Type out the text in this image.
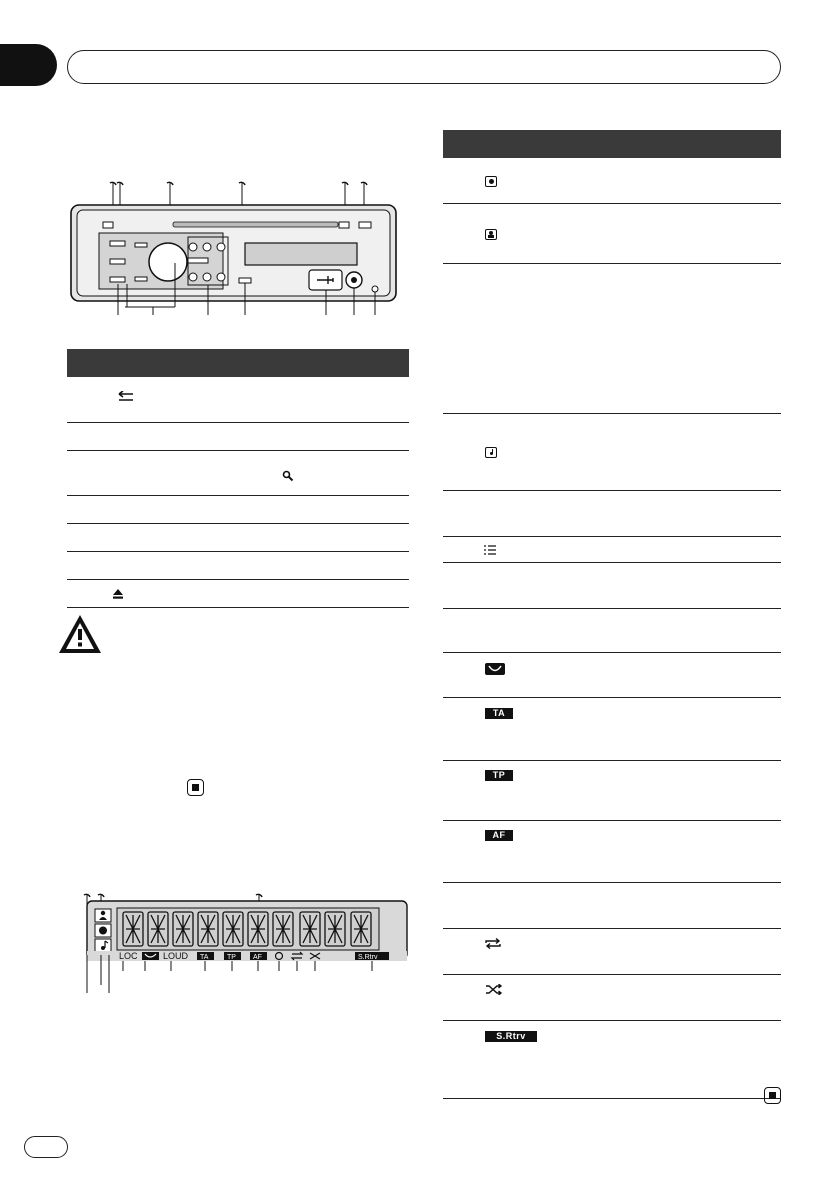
LOC	LOUD TA	TP AF	S.Rtrv
TA
TP
AF
S.Rtrv
